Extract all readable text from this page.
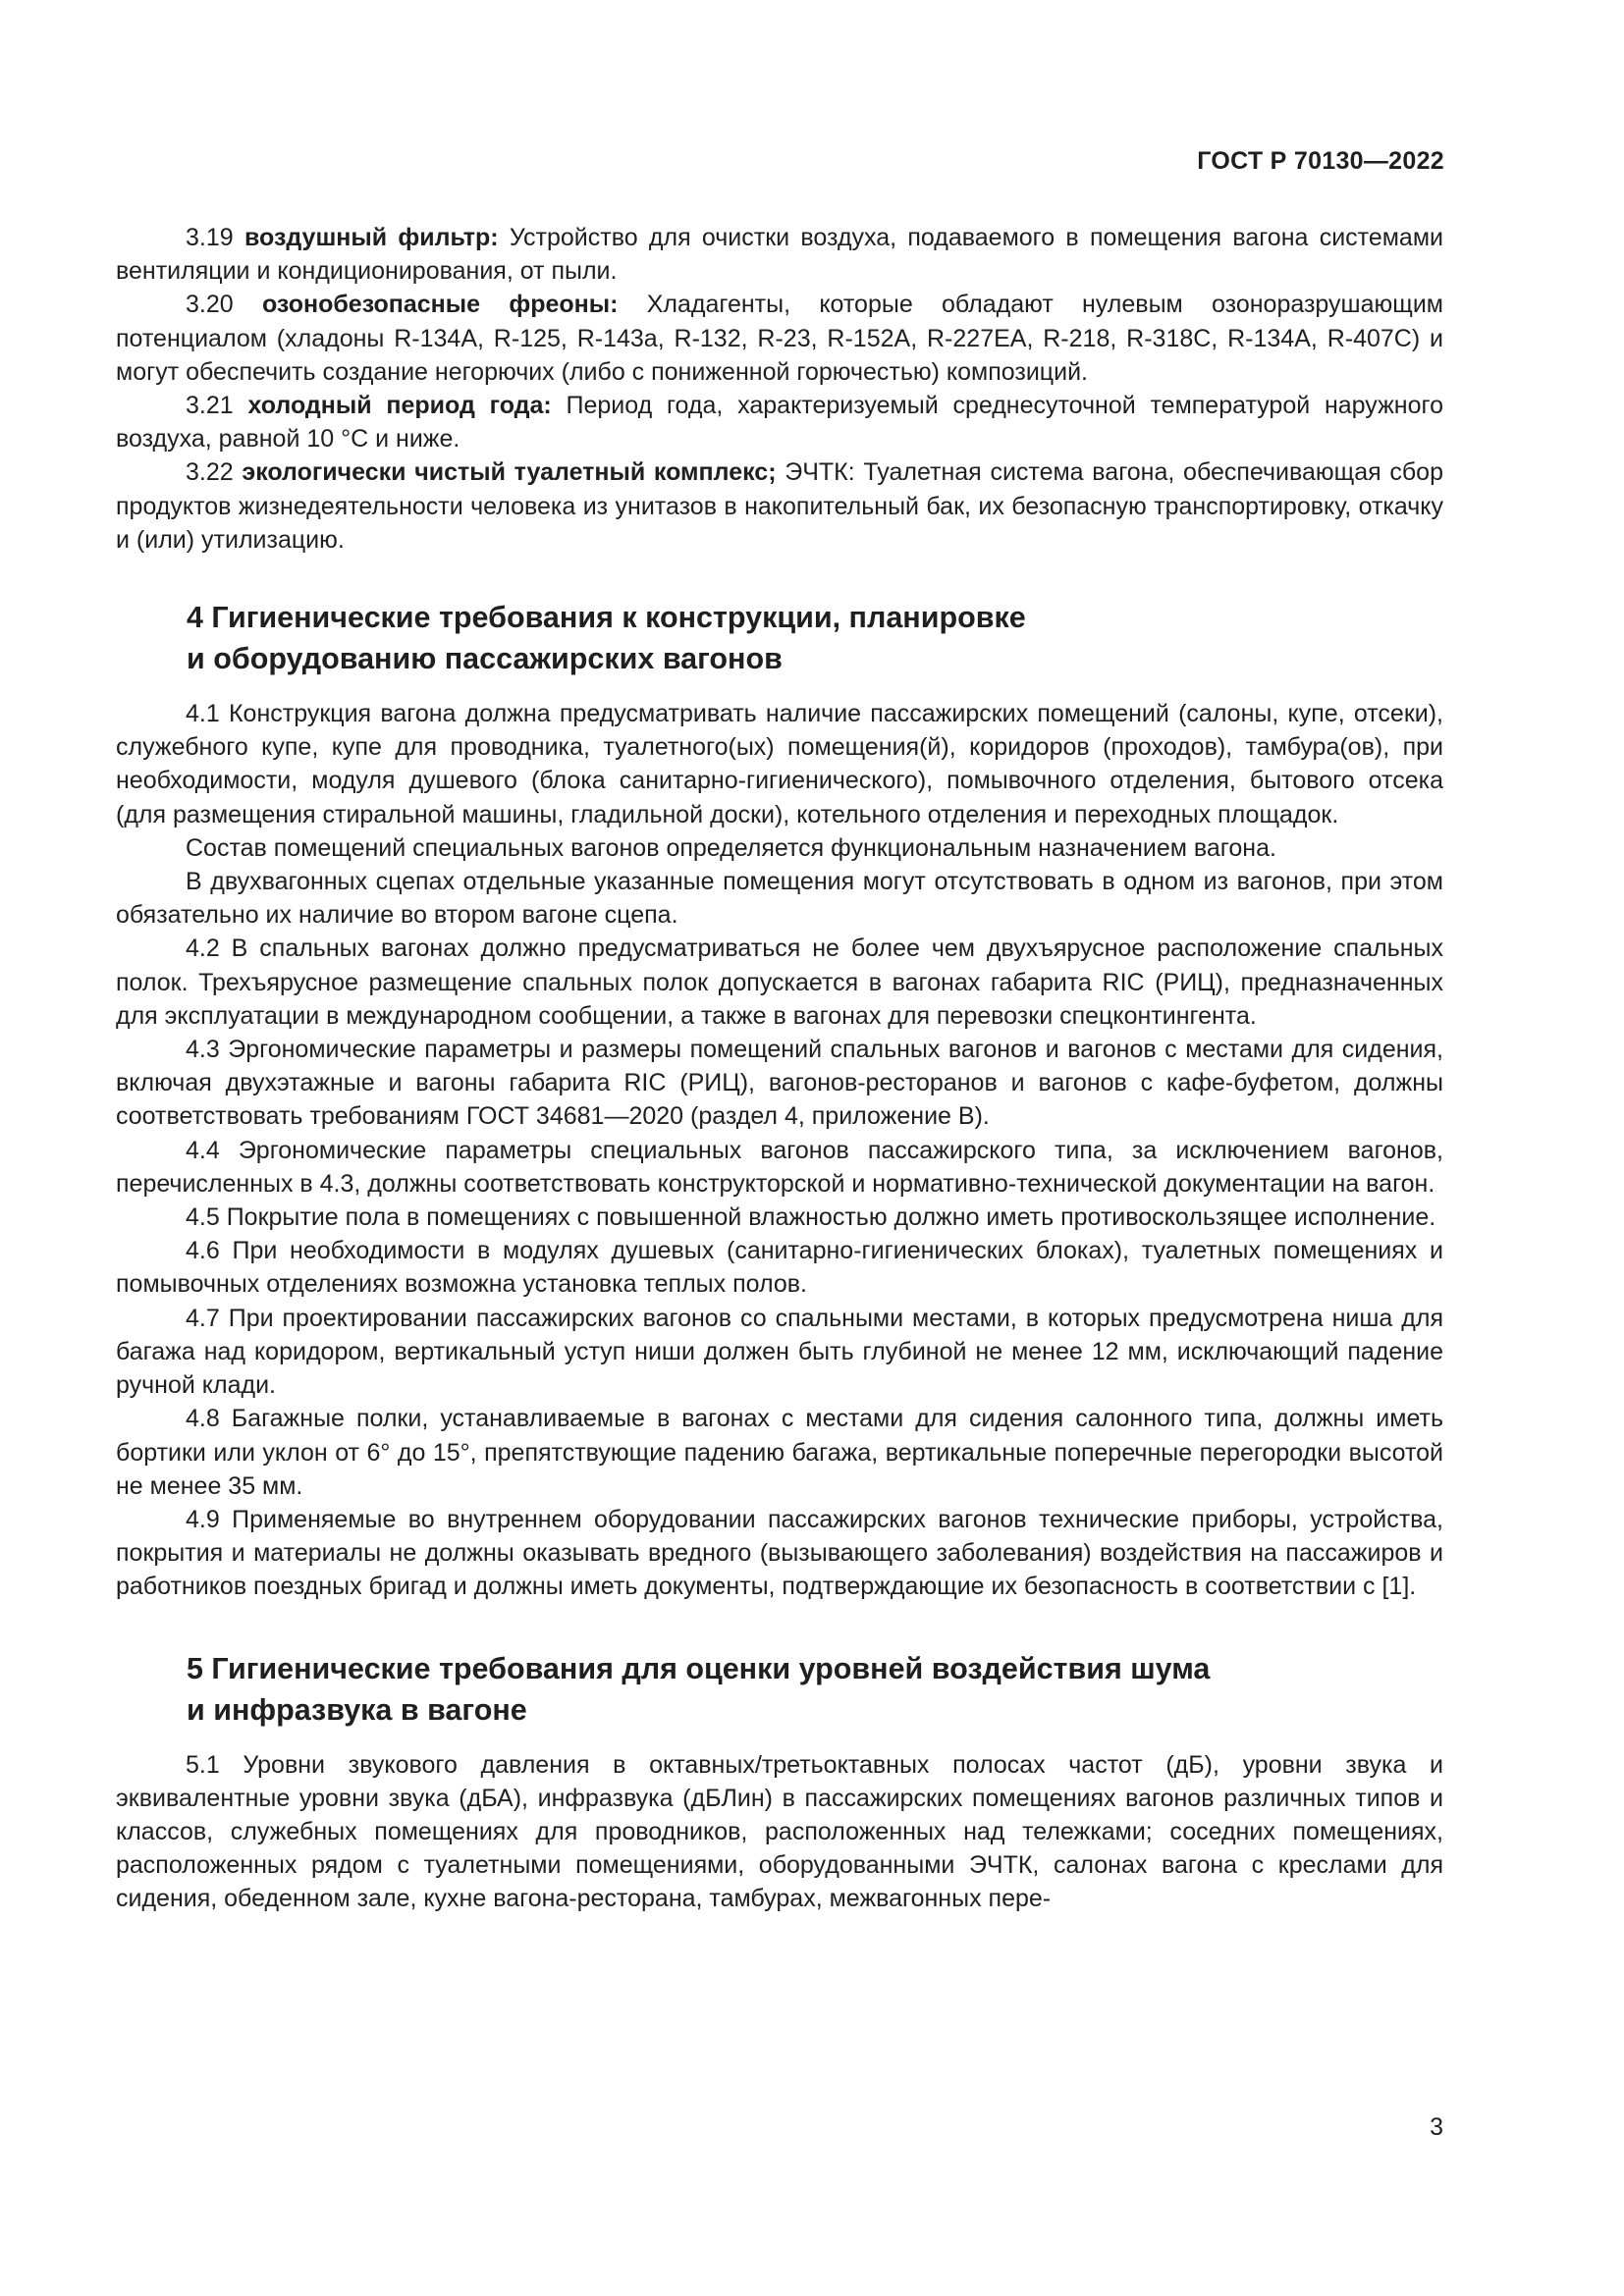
ГОСТ Р 70130—2022

3.19 воздушный фильтр: Устройство для очистки воздуха, подаваемого в помещения вагона системами вентиляции и кондиционирования, от пыли.

3.20 озонобезопасные фреоны: Хладагенты, которые обладают нулевым озоноразрушающим потенциалом (хладоны R-134A, R-125, R-143a, R-132, R-23, R-152A, R-227EA, R-218, R-318C, R-134A, R-407C) и могут обеспечить создание негорючих (либо с пониженной горючестью) композиций.

3.21 холодный период года: Период года, характеризуемый среднесуточной температурой наружного воздуха, равной 10 °С и ниже.

3.22 экологически чистый туалетный комплекс; ЭЧТК: Туалетная система вагона, обеспечивающая сбор продуктов жизнедеятельности человека из унитазов в накопительный бак, их безопасную транспортировку, откачку и (или) утилизацию.

4 Гигиенические требования к конструкции, планировке
и оборудованию пассажирских вагонов

4.1 Конструкция вагона должна предусматривать наличие пассажирских помещений (салоны, купе, отсеки), служебного купе, купе для проводника, туалетного(ых) помещения(й), коридоров (проходов), тамбура(ов), при необходимости, модуля душевого (блока санитарно-гигиенического), помывочного отделения, бытового отсека (для размещения стиральной машины, гладильной доски), котельного отделения и переходных площадок.

Состав помещений специальных вагонов определяется функциональным назначением вагона.

В двухвагонных сцепах отдельные указанные помещения могут отсутствовать в одном из вагонов, при этом обязательно их наличие во втором вагоне сцепа.

4.2 В спальных вагонах должно предусматриваться не более чем двухъярусное расположение спальных полок. Трехъярусное размещение спальных полок допускается в вагонах габарита RIC (РИЦ), предназначенных для эксплуатации в международном сообщении, а также в вагонах для перевозки спецконтингента.

4.3 Эргономические параметры и размеры помещений спальных вагонов и вагонов с местами для сидения, включая двухэтажные и вагоны габарита RIC (РИЦ), вагонов-ресторанов и вагонов с кафе-буфетом, должны соответствовать требованиям ГОСТ 34681—2020 (раздел 4, приложение В).

4.4 Эргономические параметры специальных вагонов пассажирского типа, за исключением вагонов, перечисленных в 4.3, должны соответствовать конструкторской и нормативно-технической документации на вагон.

4.5 Покрытие пола в помещениях с повышенной влажностью должно иметь противоскользящее исполнение.

4.6 При необходимости в модулях душевых (санитарно-гигиенических блоках), туалетных помещениях и помывочных отделениях возможна установка теплых полов.

4.7 При проектировании пассажирских вагонов со спальными местами, в которых предусмотрена ниша для багажа над коридором, вертикальный уступ ниши должен быть глубиной не менее 12 мм, исключающий падение ручной клади.

4.8 Багажные полки, устанавливаемые в вагонах с местами для сидения салонного типа, должны иметь бортики или уклон от 6° до 15°, препятствующие падению багажа, вертикальные поперечные перегородки высотой не менее 35 мм.

4.9 Применяемые во внутреннем оборудовании пассажирских вагонов технические приборы, устройства, покрытия и материалы не должны оказывать вредного (вызывающего заболевания) воздействия на пассажиров и работников поездных бригад и должны иметь документы, подтверждающие их безопасность в соответствии с [1].

5 Гигиенические требования для оценки уровней воздействия шума
и инфразвука в вагоне

5.1 Уровни звукового давления в октавных/третьоктавных полосах частот (дБ), уровни звука и эквивалентные уровни звука (дБА), инфразвука (дБЛин) в пассажирских помещениях вагонов различных типов и классов, служебных помещениях для проводников, расположенных над тележками; соседних помещениях, расположенных рядом с туалетными помещениями, оборудованными ЭЧТК, салонах вагона с креслами для сидения, обеденном зале, кухне вагона-ресторана, тамбурах, межвагонных пере-

3
